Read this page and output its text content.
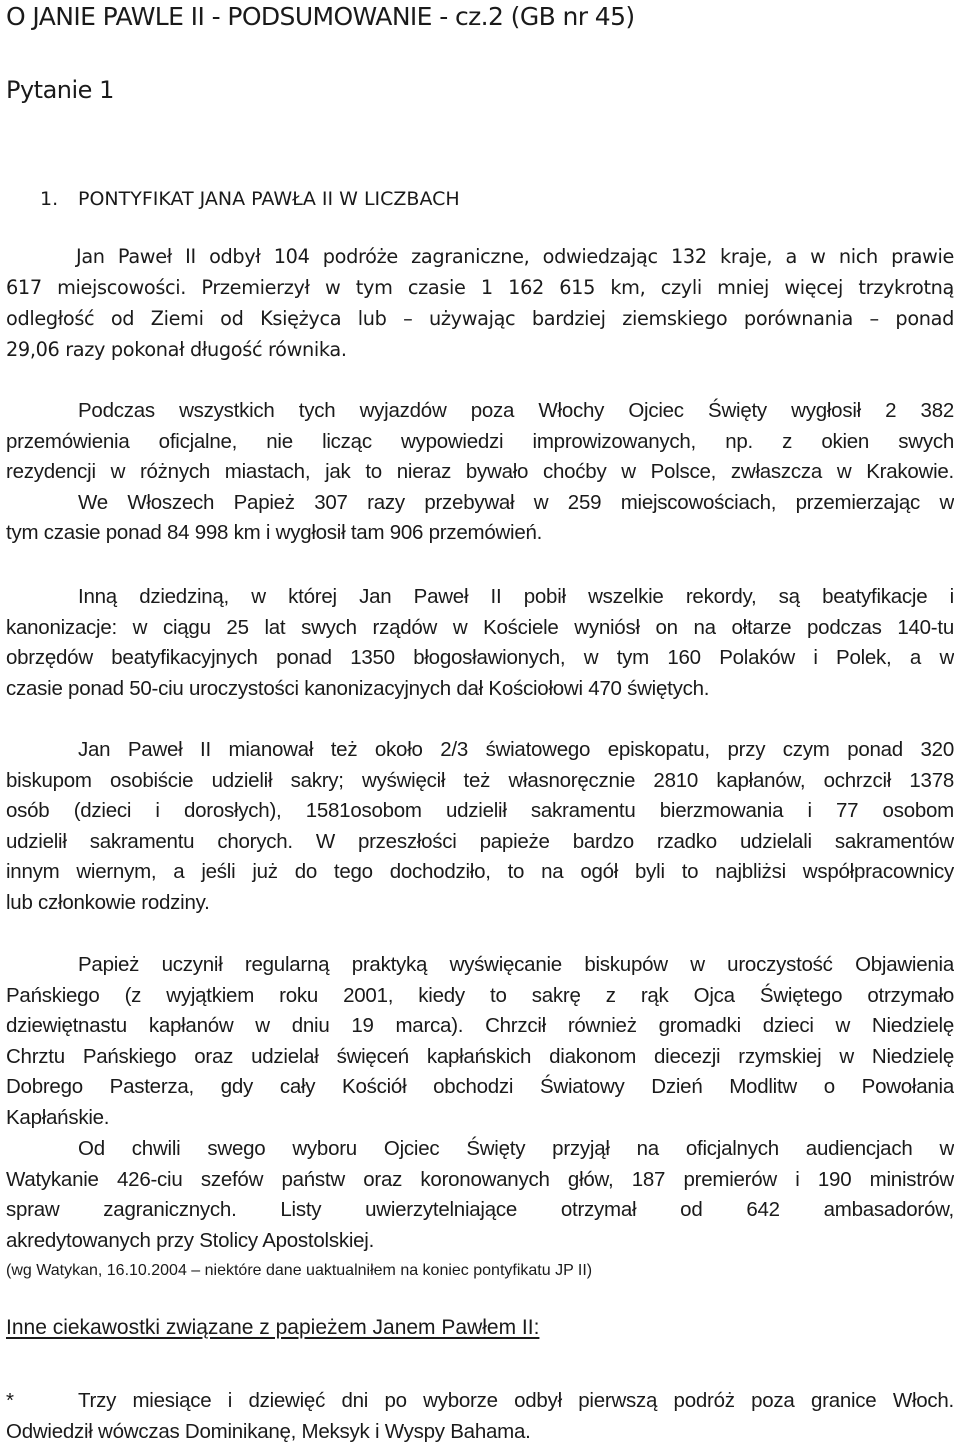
O JANIE PAWLE II - PODSUMOWANIE - cz.2 (GB nr 45)
Pytanie 1
1. PONTYFIKAT JANA PAWŁA II W LICZBACH
Jan Paweł II odbył 104 podróże zagraniczne, odwiedzając 132 kraje, a w nich prawie
617 miejscowości. Przemierzył w tym czasie 1 162 615 km, czyli mniej więcej trzykrotną
odległość od Ziemi od Księżyca lub – używając bardziej ziemskiego porównania – ponad
29,06 razy pokonał długość równika.
Podczas wszystkich tych wyjazdów poza Włochy Ojciec Święty wygłosił 2 382
przemówienia oficjalne, nie licząc wypowiedzi improwizowanych, np. z okien swych
rezydencji w różnych miastach, jak to nieraz bywało choćby w Polsce, zwłaszcza w Krakowie.
We Włoszech Papież 307 razy przebywał w 259 miejscowościach, przemierzając w
tym czasie ponad 84 998 km i wygłosił tam 906 przemówień.
Inną dziedziną, w której Jan Paweł II pobił wszelkie rekordy, są beatyfikacje i
kanonizacje: w ciągu 25 lat swych rządów w Kościele wyniósł on na ołtarze podczas 140-tu
obrzędów beatyfikacyjnych ponad 1350 błogosławionych, w tym 160 Polaków i Polek, a w
czasie ponad 50-ciu uroczystości kanonizacyjnych dał Kościołowi 470 świętych.
Jan Paweł II mianował też około 2/3 światowego episkopatu, przy czym ponad 320
biskupom osobiście udzielił sakry; wyświęcił też własnoręcznie 2810 kapłanów, ochrzcił 1378
osób (dzieci i dorosłych), 1581osobom udzielił sakramentu bierzmowania i 77 osobom
udzielił sakramentu chorych. W przeszłości papieże bardzo rzadko udzielali sakramentów
innym wiernym, a jeśli już do tego dochodziło, to na ogół byli to najbliżsi współpracownicy
lub członkowie rodziny.
Papież uczynił regularną praktyką wyświęcanie biskupów w uroczystość Objawienia
Pańskiego (z wyjątkiem roku 2001, kiedy to sakrę z rąk Ojca Świętego otrzymało
dziewiętnastu kapłanów w dniu 19 marca). Chrzcił również gromadki dzieci w Niedzielę
Chrztu Pańskiego oraz udzielał święceń kapłańskich diakonom diecezji rzymskiej w Niedzielę
Dobrego Pasterza, gdy cały Kościół obchodzi Światowy Dzień Modlitw o Powołania
Kapłańskie.
Od chwili swego wyboru Ojciec Święty przyjął na oficjalnych audiencjach w
Watykanie 426-ciu szefów państw oraz koronowanych głów, 187 premierów i 190 ministrów
spraw zagranicznych. Listy uwierzytelniające otrzymał od 642 ambasadorów,
akredytowanych przy Stolicy Apostolskiej.
(wg Watykan, 16.10.2004 – niektóre dane uaktualniłem na koniec pontyfikatu JP II)
Inne ciekawostki związane z papieżem Janem Pawłem II:
*	Trzy miesiące i dziewięć dni po wyborze odbył pierwszą podróż poza granice Włoch.
Odwiedził wówczas Dominikanę, Meksyk i Wyspy Bahama.
